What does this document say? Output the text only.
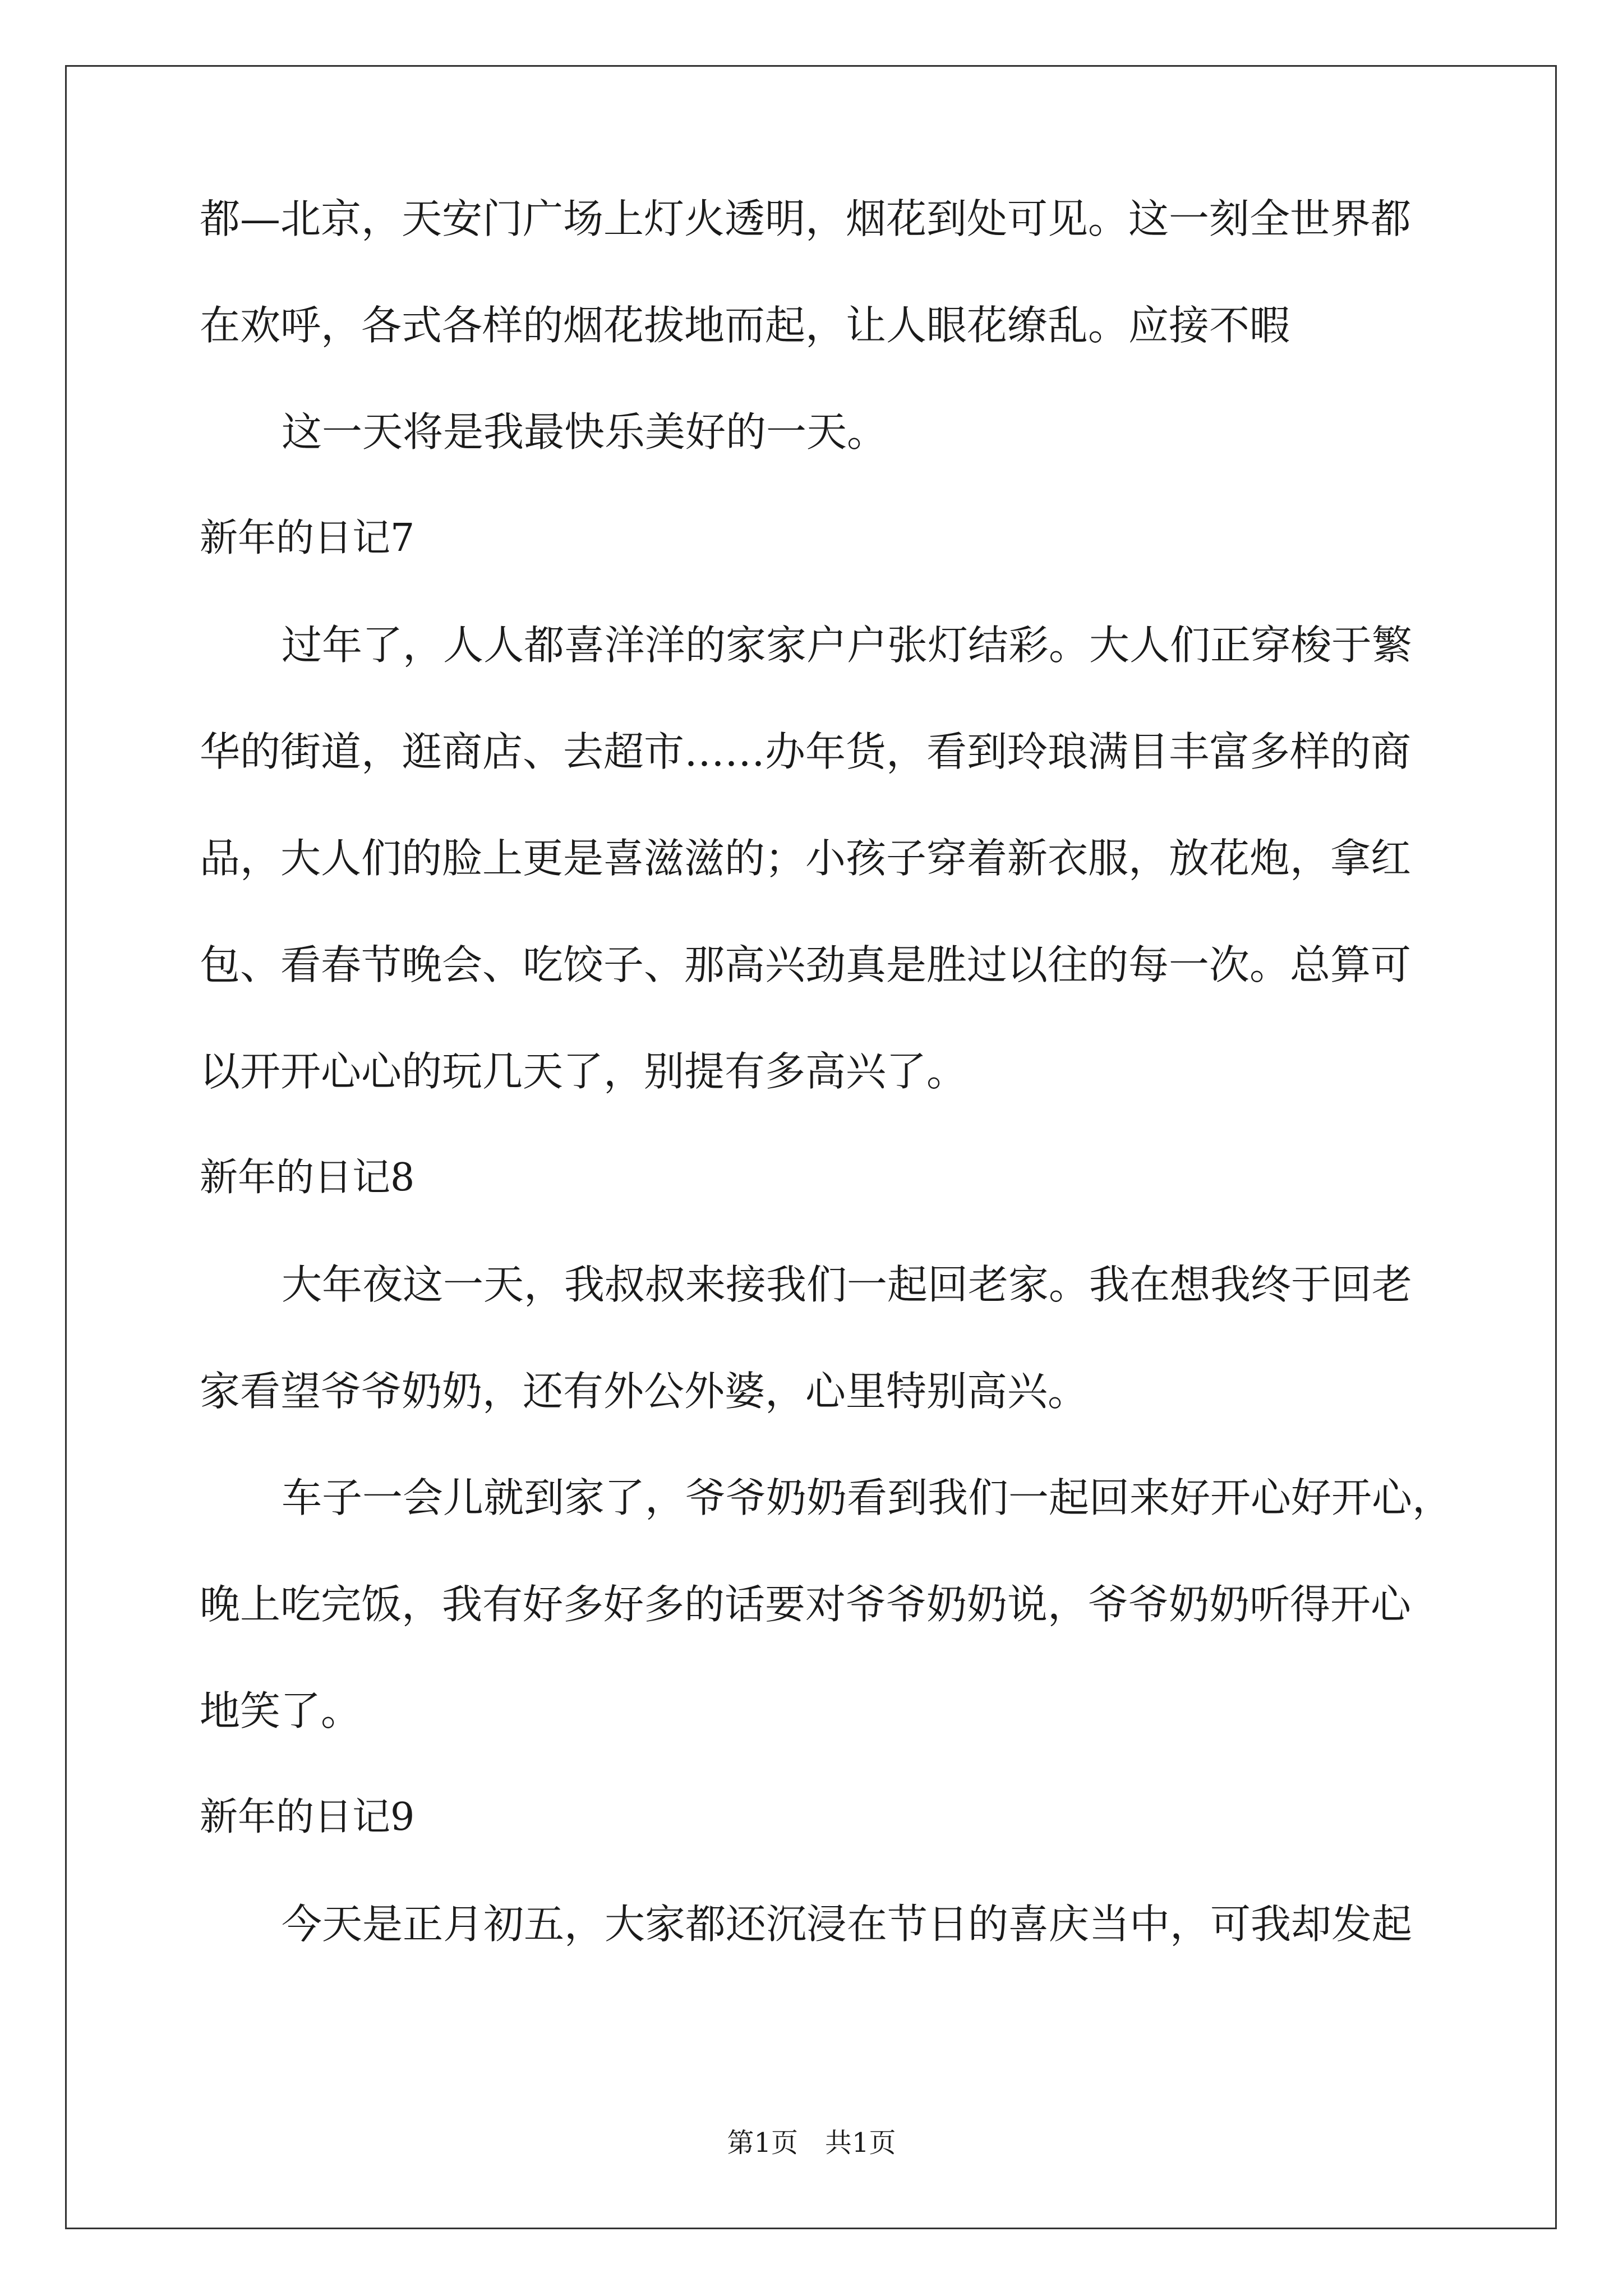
都—北京，天安门广场上灯火透明，烟花到处可见。这一刻全世界都
在欢呼，各式各样的烟花拔地而起，让人眼花缭乱。应接不暇
这一天将是我最快乐美好的一天。
新年的日记7
过年了，人人都喜洋洋的家家户户张灯结彩。大人们正穿梭于繁
华的街道，逛商店、去超市……办年货，看到玲琅满目丰富多样的商
品，大人们的脸上更是喜滋滋的；小孩子穿着新衣服，放花炮，拿红
包、看春节晚会、吃饺子、那高兴劲真是胜过以往的每一次。总算可
以开开心心的玩几天了，别提有多高兴了。
新年的日记8
大年夜这一天，我叔叔来接我们一起回老家。我在想我终于回老
家看望爷爷奶奶，还有外公外婆，心里特别高兴。
车子一会儿就到家了，爷爷奶奶看到我们一起回来好开心好开心，
晚上吃完饭，我有好多好多的话要对爷爷奶奶说，爷爷奶奶听得开心
地笑了。
新年的日记9
今天是正月初五，大家都还沉浸在节日的喜庆当中，可我却发起
第1页 共1页
